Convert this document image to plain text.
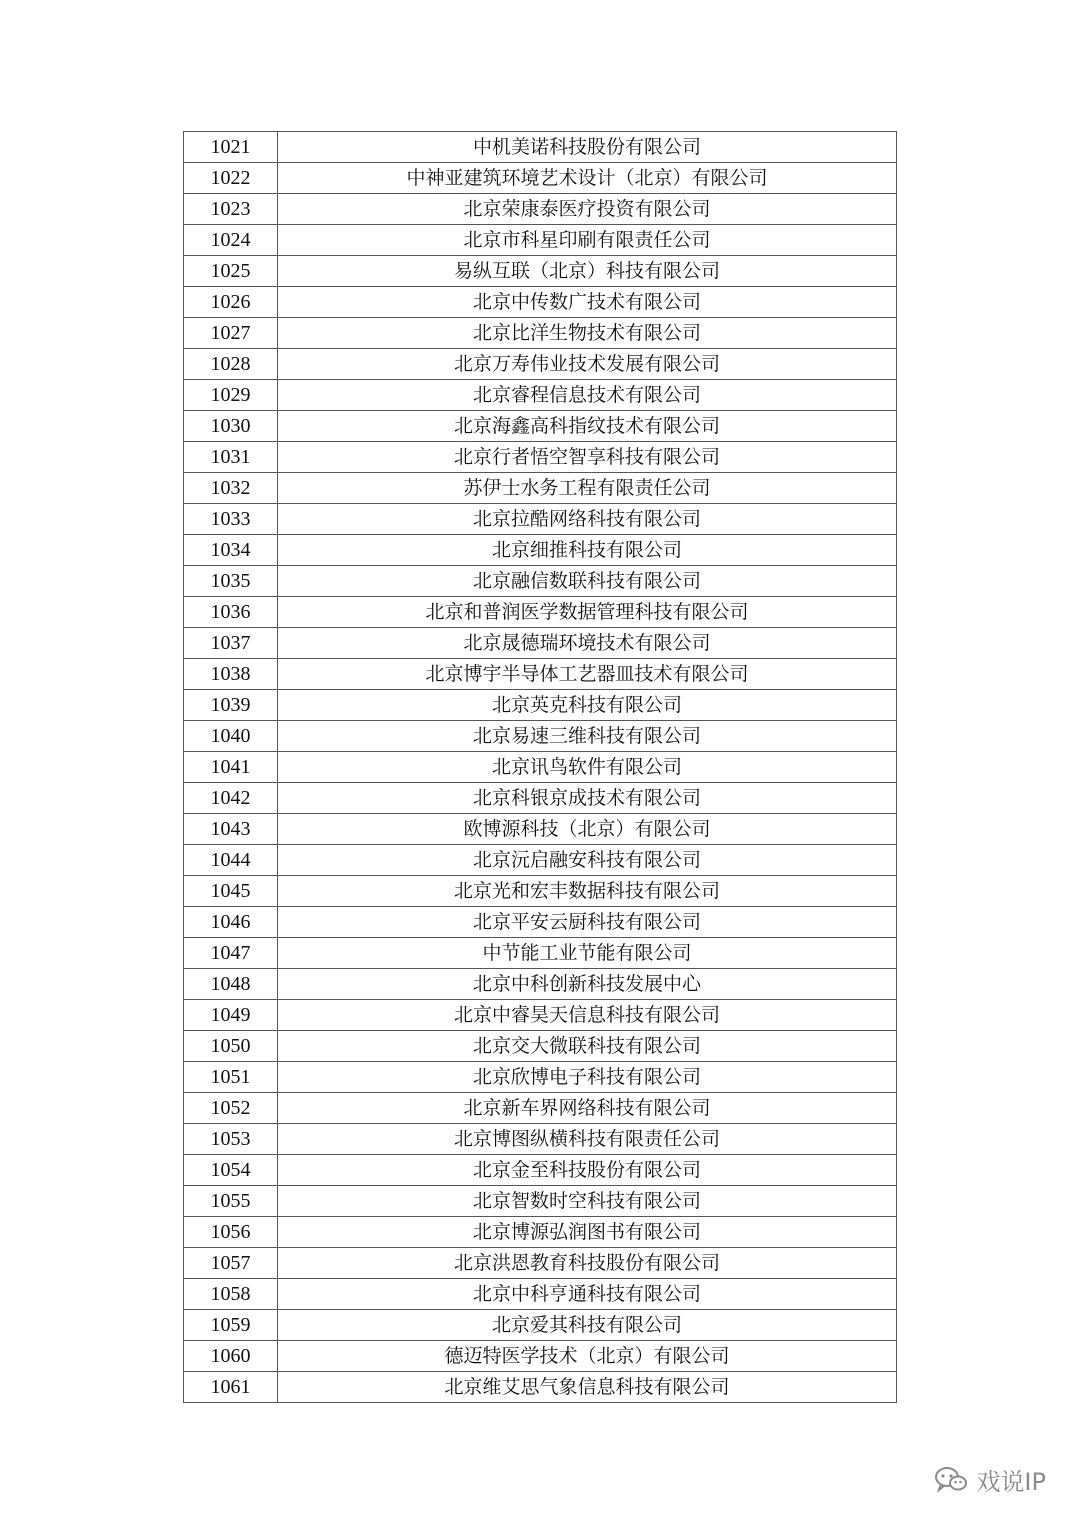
1021	中机美诺科技股份有限公司
1022	中神亚建筑环境艺术设计（北京）有限公司
1023	北京荣康泰医疗投资有限公司
1024	北京市科星印刷有限责任公司
1025	易纵互联（北京）科技有限公司
1026	北京中传数广技术有限公司
1027	北京比洋生物技术有限公司
1028	北京万寿伟业技术发展有限公司
1029	北京睿程信息技术有限公司
1030	北京海鑫高科指纹技术有限公司
1031	北京行者悟空智享科技有限公司
1032	苏伊士水务工程有限责任公司
1033	北京拉酷网络科技有限公司
1034	北京细推科技有限公司
1035	北京融信数联科技有限公司
1036	北京和普润医学数据管理科技有限公司
1037	北京晟德瑞环境技术有限公司
1038	北京博宇半导体工艺器皿技术有限公司
1039	北京英克科技有限公司
1040	北京易速三维科技有限公司
1041	北京讯鸟软件有限公司
1042	北京科银京成技术有限公司
1043	欧博源科技（北京）有限公司
1044	北京沅启融安科技有限公司
1045	北京光和宏丰数据科技有限公司
1046	北京平安云厨科技有限公司
1047	中节能工业节能有限公司
1048	北京中科创新科技发展中心
1049	北京中睿昊天信息科技有限公司
1050	北京交大微联科技有限公司
1051	北京欣博电子科技有限公司
1052	北京新车界网络科技有限公司
1053	北京博图纵横科技有限责任公司
1054	北京金至科技股份有限公司
1055	北京智数时空科技有限公司
1056	北京博源弘润图书有限公司
1057	北京洪恩教育科技股份有限公司
1058	北京中科亨通科技有限公司
1059	北京爱其科技有限公司
1060	德迈特医学技术（北京）有限公司
1061	北京维艾思气象信息科技有限公司
戏说IP
